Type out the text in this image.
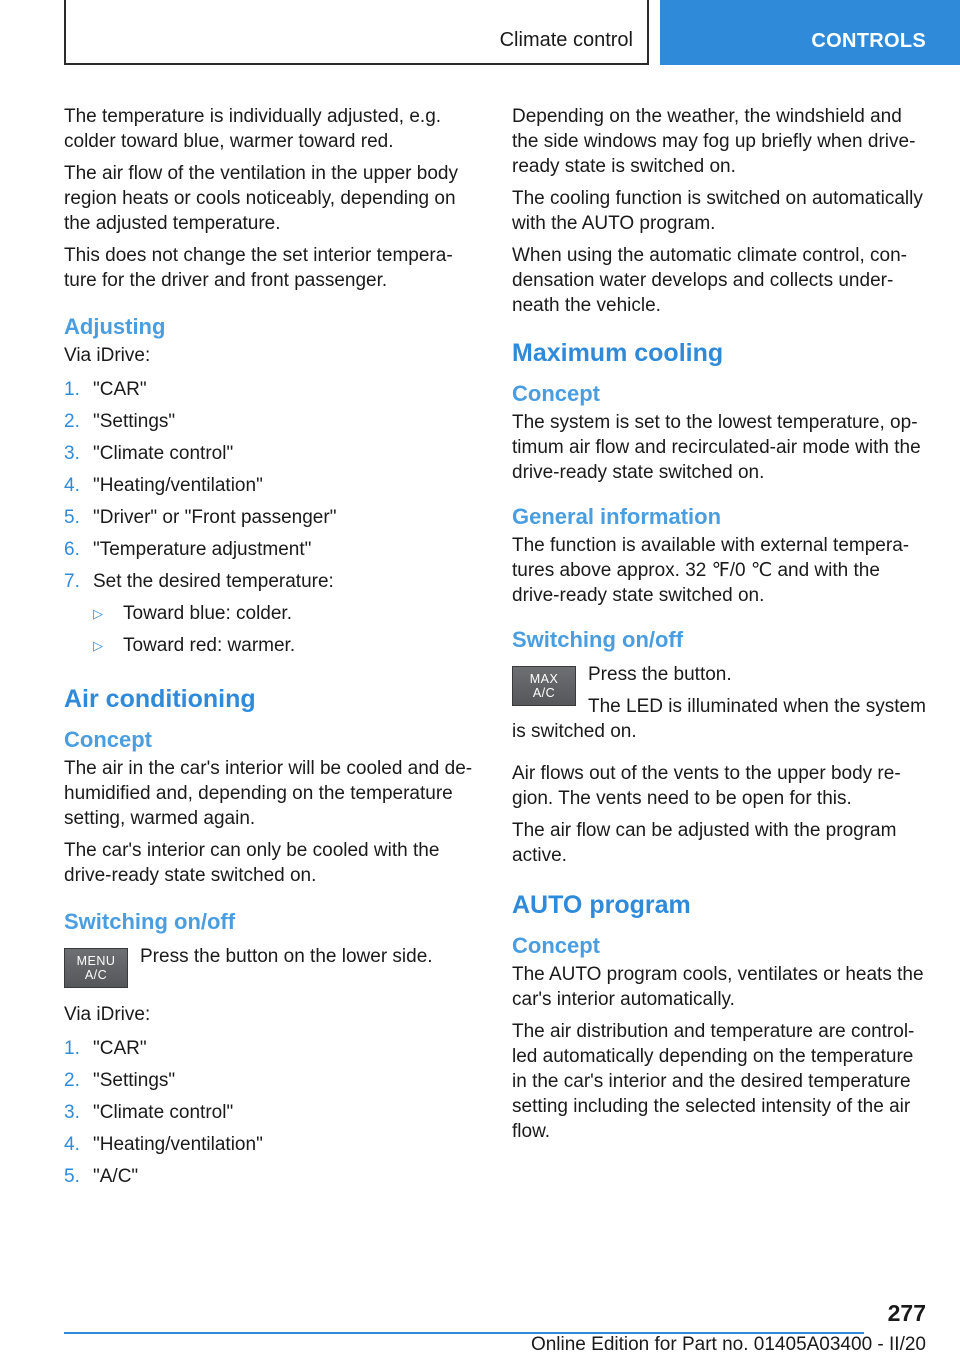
Climate control	CONTROLS

The temperature is individually adjusted, e.g. colder toward blue, warmer toward red.

The air flow of the ventilation in the upper body region heats or cools noticeably, depending on the adjusted temperature.

This does not change the set interior temperature for the driver and front passenger.

Adjusting

Via iDrive:

1. "CAR"
2. "Settings"
3. "Climate control"
4. "Heating/ventilation"
5. "Driver" or "Front passenger"
6. "Temperature adjustment"
7. Set the desired temperature:
▷ Toward blue: colder.
▷ Toward red: warmer.
Air conditioning
Concept

The air in the car's interior will be cooled and dehumidified and, depending on the temperature setting, warmed again.

The car's interior can only be cooled with the drive-ready state switched on.

Switching on/off
MENU
A/C

Press the button on the lower side.

Via iDrive:

1. "CAR"
2. "Settings"
3. "Climate control"
4. "Heating/ventilation"
5. "A/C"

Depending on the weather, the windshield and the side windows may fog up briefly when drive-ready state is switched on.

The cooling function is switched on automatically with the AUTO program.

When using the automatic climate control, condensation water develops and collects underneath the vehicle.

Maximum cooling
Concept

The system is set to the lowest temperature, optimum air flow and recirculated-air mode with the drive-ready state switched on.

General information

The function is available with external temperatures above approx. 32 ℉/0 ℃ and with the drive-ready state switched on.

Switching on/off
MAX
A/C

Press the button.

The LED is illuminated when the system is switched on.

Air flows out of the vents to the upper body region. The vents need to be open for this.

The air flow can be adjusted with the program active.

AUTO program
Concept

The AUTO program cools, ventilates or heats the car's interior automatically.

The air distribution and temperature are controlled automatically depending on the temperature in the car's interior and the desired temperature setting including the selected intensity of the air flow.

277
Online Edition for Part no. 01405A03400 - II/20
